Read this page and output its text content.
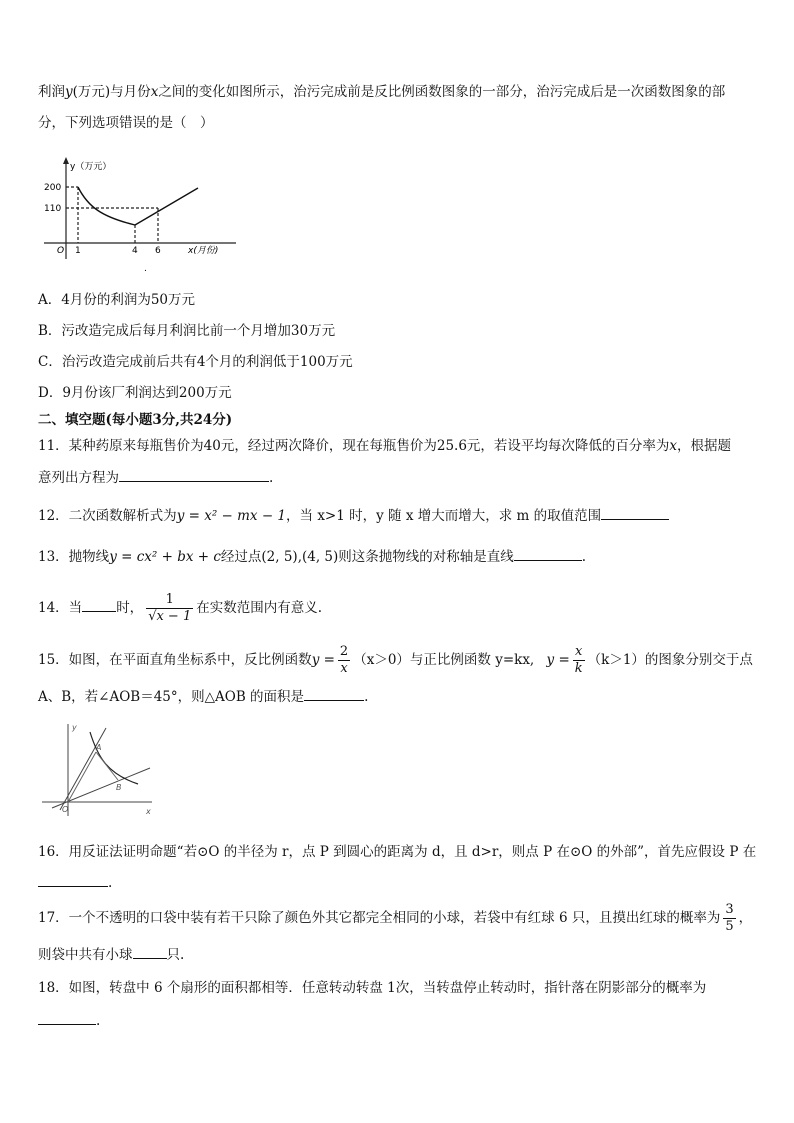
利润y(万元)与月份x之间的变化如图所示，治污完成前是反比例函数图象的一部分，治污完成后是一次函数图象的部
分，下列选项错误的是（　）
y（万元）
200
110
O 1	4 6	x(月份)
.
A．4月份的利润为50万元
B．污改造完成后每月利润比前一个月增加30万元
C．治污改造完成前后共有4个月的利润低于100万元
D．9月份该厂利润达到200万元
二、填空题(每小题3分,共24分)
11．某种药原来每瓶售价为40元，经过两次降价，现在每瓶售价为25.6元，若设平均每次降低的百分率为x，根据题
意列出方程为	.
12．二次函数解析式为y = x² − mx − 1，当 x>1 时，y 随 x 增大而增大，求 m 的取值范围
13．抛物线y = cx² + bx + c经过点(2, 5),(4, 5)则这条抛物线的对称轴是直线	.
14．当	时， $\frac{1}{√x - 1}$ 在实数范围内有意义.
15．如图，在平面直角坐标系中，反比例函数$y = \frac{2}{x} (x>0)$与正比例函数 y=kx, $y = \frac{x}{k} (k>1)$的图象分别交于点
A、B，若∠AOB＝45°，则△AOB 的面积是	.
y
x
O
A
B
16．用反证法证明命题“若⊙O 的半径为 r，点 P 到圆心的距离为 d，且 d>r，则点 P 在⊙O 的外部”，首先应假设 P 在
.
17．一个不透明的口袋中装有若干只除了颜色外其它都完全相同的小球，若袋中有红球 6 只，且摸出红球的概率为 $\frac{3}{5}$ ，
则袋中共有小球	只.
18．如图，转盘中 6 个扇形的面积都相等．任意转动转盘 1次，当转盘停止转动时，指针落在阴影部分的概率为
.
